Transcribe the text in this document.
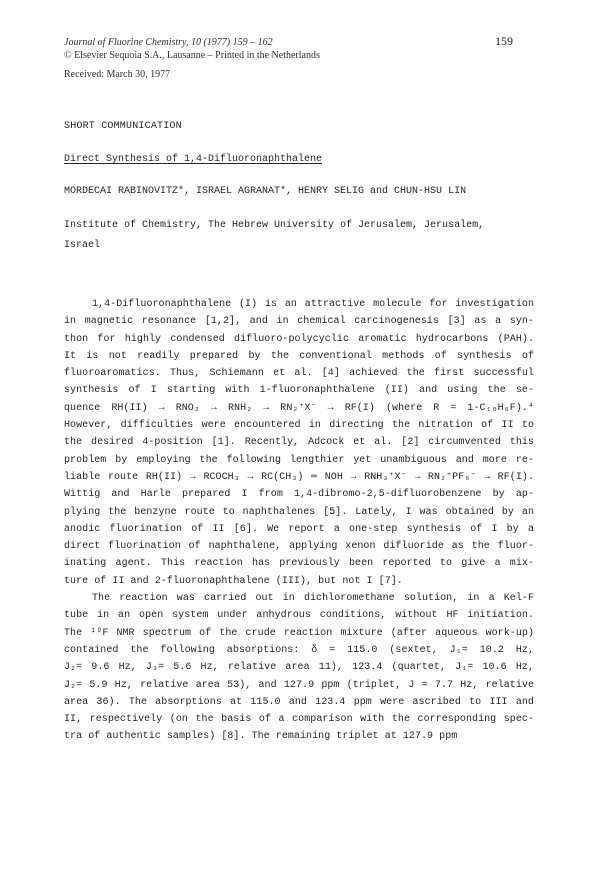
Journal of Fluorine Chemistry, 10 (1977) 159 – 162
© Elsevier Sequoia S.A., Lausanne – Printed in the Netherlands
Received: March 30, 1977
159
SHORT COMMUNICATION
Direct Synthesis of 1,4-Difluoronaphthalene
MORDECAI RABINOVITZ*, ISRAEL AGRANAT*, HENRY SELIG and CHUN-HSU LIN
Institute of Chemistry, The Hebrew University of Jerusalem, Jerusalem,
Israel
1,4-Difluoronaphthalene (I) is an attractive molecule for investigation
in magnetic resonance [1,2], and in chemical carcinogenesis [3] as a syn-
thon for highly condensed difluoro-polycyclic aromatic hydrocarbons (PAH).
It is not readily prepared by the conventional methods of synthesis of
fluoroaromatics. Thus, Schiemann et al. [4] achieved the first successful
synthesis of I starting with 1-fluoronaphthalene (II) and using the se-
quence RH(II) → RNO₂ → RNH₂ → RN₂⁺X⁻ → RF(I) (where R = 1-C₁₀H₆F).⁴
However, difficulties were encountered in directing the nitration of II to
the desired 4-position [1]. Recently, Adcock et al. [2] circumvented this
problem by employing the following lengthier yet unambiguous and more re-
liable route RH(II) → RCOCH₃ → RC(CH₃) ═ NOH → RNH₃⁺X⁻ → RN₂⁺PF₆⁻ → RF(I).
Wittig and Harle prepared I from 1,4-dibromo-2,5-difluorobenzene by ap-
plying the benzyne route to naphthalenes [5]. Lately, I was obtained by an
anodic fluorination of II [6]. We report a one-step synthesis of I by a
direct fluorination of naphthalene, applying xenon difluoride as the fluor-
inating agent. This reaction has previously been reported to give a mix-
ture of II and 2-fluoronaphthalene (III), but not I [7].
The reaction was carried out in dichloromethane solution, in a Kel-F
tube in an open system under anhydrous conditions, without HF initiation.
The ¹⁹F NMR spectrum of the crude reaction mixture (after aqueous work-up)
contained the following absorptions: δ = 115.0 (sextet, J₁= 10.2 Hz,
J₂= 9.6 Hz, J₃= 5.6 Hz, relative area 11), 123.4 (quartet, J₁= 10.6 Hz,
J₂= 5.9 Hz, relative area 53), and 127.9 ppm (triplet, J = 7.7 Hz, relative
area 36). The absorptions at 115.0 and 123.4 ppm were ascribed to III and
II, respectively (on the basis of a comparison with the corresponding spec-
tra of authentic samples) [8]. The remaining triplet at 127.9 ppm
